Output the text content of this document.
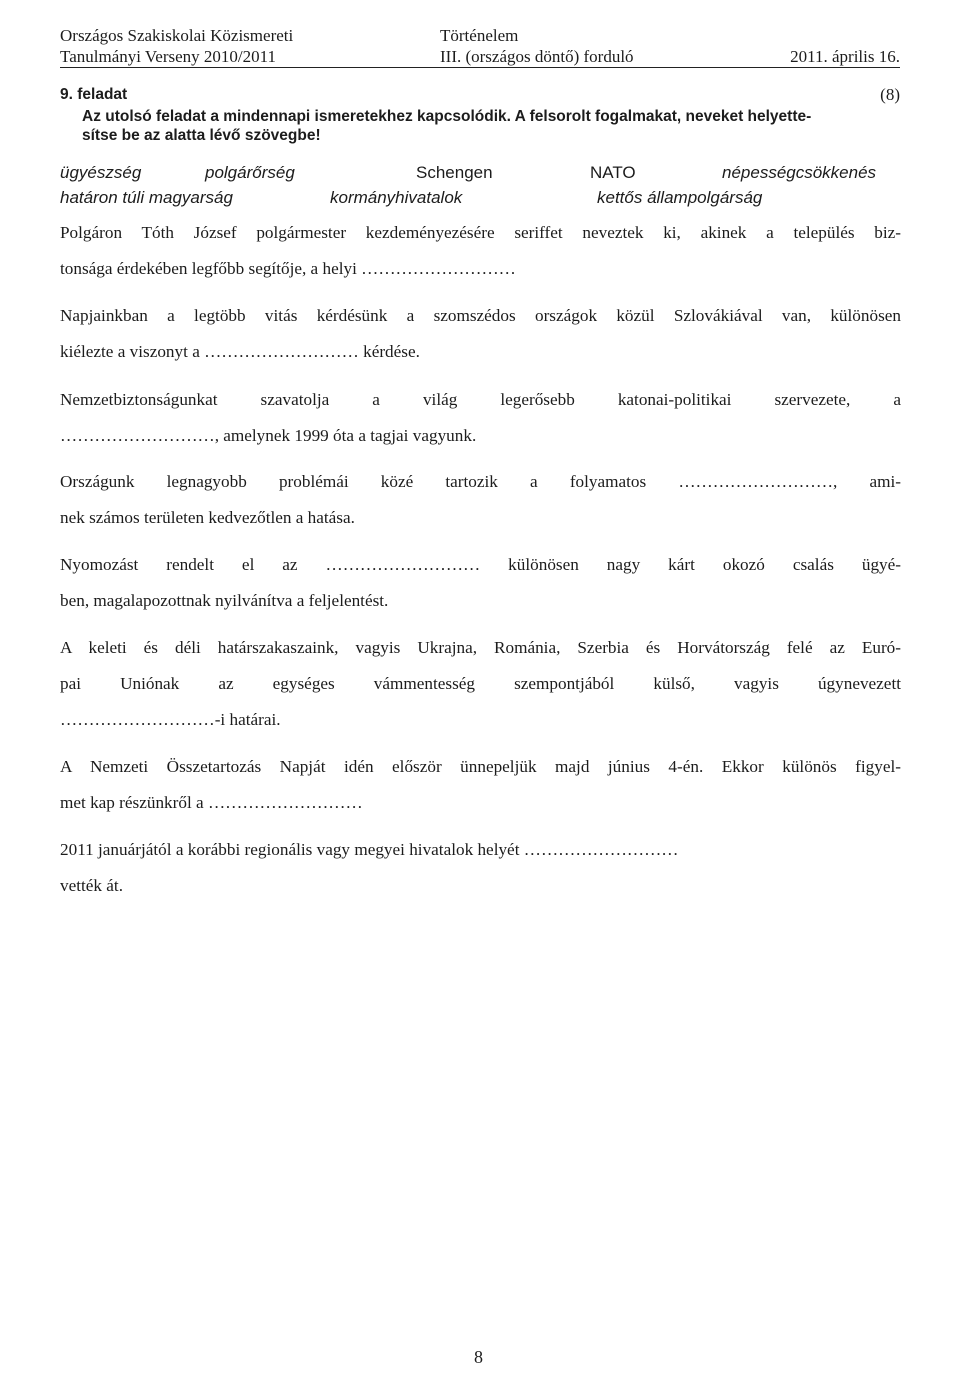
Országos Szakiskolai Közismereti
Tanulmányi Verseny 2010/2011
Történelem
III. (országos döntő) forduló	2011. április 16.
9. feladat	(8)
Az utolsó feladat a mindennapi ismeretekhez kapcsolódik. A felsorolt fogalmakat, neveket helyette-
sítse be az alatta lévő szövegbe!
ügyészség	polgárőrség	Schengen	NATO	népességcsökkenés
határon túli magyarság	kormányhivatalok	kettős állampolgárság
Polgáron Tóth József polgármester kezdeményezésére seriffet neveztek ki, akinek a település biz-
tonsága érdekében legfőbb segítője, a helyi ………………………
Napjainkban a legtöbb vitás kérdésünk a szomszédos országok közül Szlovákiával van, különösen
kiélezte a viszonyt a ……………………… kérdése.
Nemzetbiztonságunkat szavatolja a világ legerősebb katonai-politikai szervezete, a
………………………, amelynek 1999 óta a tagjai vagyunk.
Országunk legnagyobb problémái közé tartozik a folyamatos ………………………, ami-
nek számos területen kedvezőtlen a hatása.
Nyomozást rendelt el az ……………………… különösen nagy kárt okozó csalás ügyé-
ben, magalapozottnak nyilvánítva a feljelentést.
A keleti és déli határszakaszaink, vagyis Ukrajna, Románia, Szerbia és Horvátország felé az Euró-
pai Uniónak az egységes vámmentesség szempontjából külső, vagyis úgynevezett
………………………-i határai.
A Nemzeti Összetartozás Napját idén először ünnepeljük majd június 4-én. Ekkor különös figyel-
met kap részünkről a ………………………
2011 januárjától a korábbi regionális vagy megyei hivatalok helyét ………………………
vették át.
8
